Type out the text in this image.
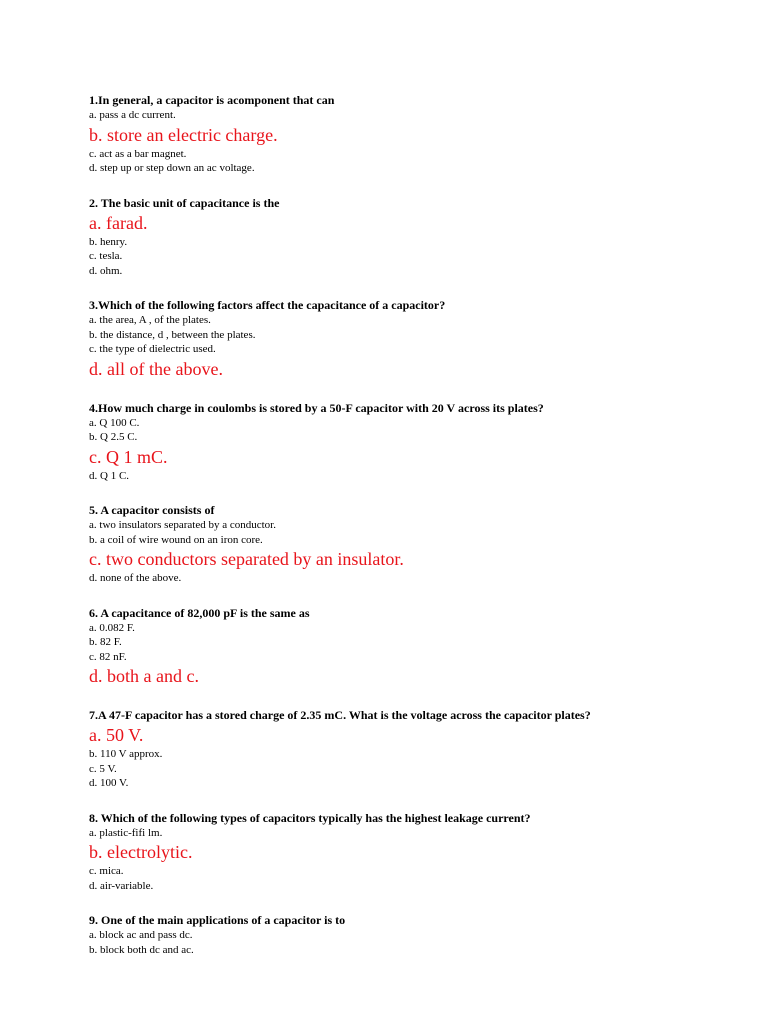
1.In general, a capacitor is acomponent that can
a. pass a dc current.
b. store an electric charge.
c. act as a bar magnet.
d. step up or step down an ac voltage.
2. The basic unit of capacitance is the
a. farad.
b. henry.
c. tesla.
d. ohm.
3.Which of the following factors affect the capacitance of a capacitor?
a. the area, A , of the plates.
b. the distance, d , between the plates.
c. the type of dielectric used.
d. all of the above.
4.How much charge in coulombs is stored by a 50-F capacitor with 20 V across its plates?
a. Q 100 C.
b. Q 2.5 C.
c. Q 1 mC.
d. Q 1 C.
5. A capacitor consists of
a. two insulators separated by a conductor.
b. a coil of wire wound on an iron core.
c. two conductors separated by an insulator.
d. none of the above.
6. A capacitance of 82,000 pF is the same as
a. 0.082 F.
b. 82 F.
c. 82 nF.
d. both a and c.
7.A 47-F capacitor has a stored charge of 2.35 mC. What is the voltage across the capacitor plates?
a. 50 V.
b. 110 V approx.
c. 5 V.
d. 100 V.
8. Which of the following types of capacitors typically has the highest leakage current?
a. plastic-fifi lm.
b. electrolytic.
c. mica.
d. air-variable.
9. One of the main applications of a capacitor is to
a. block ac and pass dc.
b. block both dc and ac.
